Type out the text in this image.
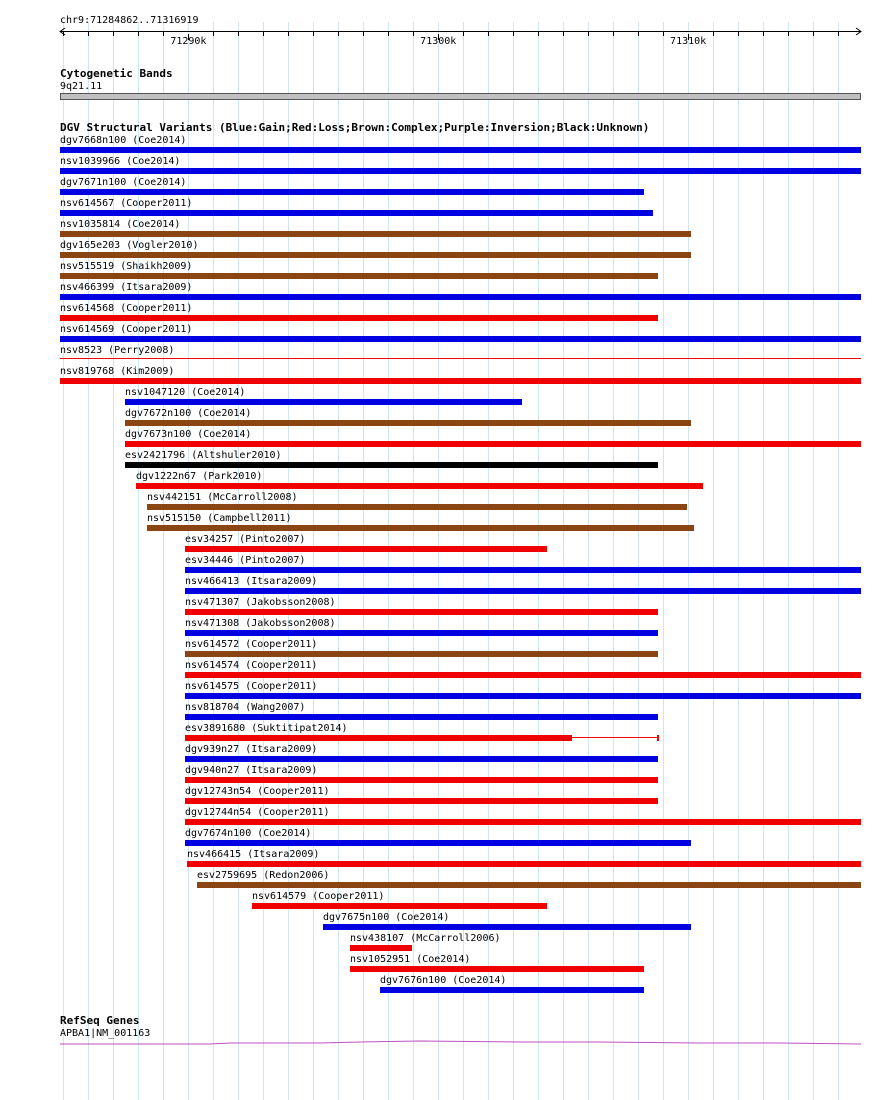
chr9:71284862..71316919
71290k	71300k	71310k
Cytogenetic Bands
9q21.11
DGV Structural Variants (Blue:Gain;Red:Loss;Brown:Complex;Purple:Inversion;Black:Unknown)
dgv7668n100 (Coe2014)
nsv1039966 (Coe2014)
dgv7671n100 (Coe2014)
nsv614567 (Cooper2011)
nsv1035814 (Coe2014)
dgv165e203 (Vogler2010)
nsv515519 (Shaikh2009)
nsv466399 (Itsara2009)
nsv614568 (Cooper2011)
nsv614569 (Cooper2011)
nsv8523 (Perry2008)
nsv819768 (Kim2009)
nsv1047120 (Coe2014)
dgv7672n100 (Coe2014)
dgv7673n100 (Coe2014)
esv2421796 (Altshuler2010)
dgv1222n67 (Park2010)
nsv442151 (McCarroll2008)
nsv515150 (Campbell2011)
esv34257 (Pinto2007)
esv34446 (Pinto2007)
nsv466413 (Itsara2009)
nsv471307 (Jakobsson2008)
nsv471308 (Jakobsson2008)
nsv614572 (Cooper2011)
nsv614574 (Cooper2011)
nsv614575 (Cooper2011)
nsv818704 (Wang2007)
esv3891680 (Suktitipat2014)
dgv939n27 (Itsara2009)
dgv940n27 (Itsara2009)
dgv12743n54 (Cooper2011)
dgv12744n54 (Cooper2011)
dgv7674n100 (Coe2014)
nsv466415 (Itsara2009)
esv2759695 (Redon2006)
nsv614579 (Cooper2011)
dgv7675n100 (Coe2014)
nsv438107 (McCarroll2006)
nsv1052951 (Coe2014)
dgv7676n100 (Coe2014)
RefSeq Genes
APBA1|NM_001163
